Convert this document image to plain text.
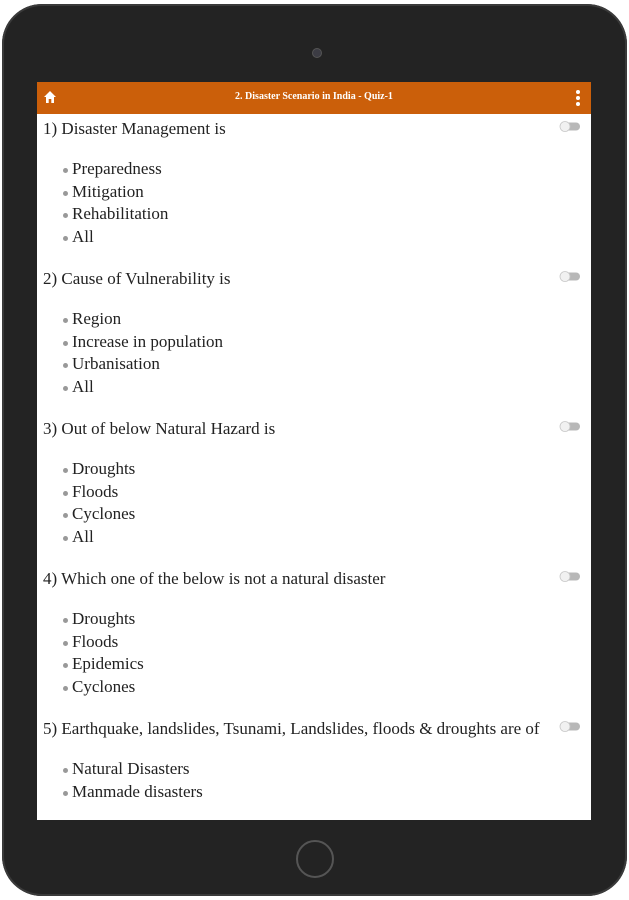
2. Disaster Scenario in India - Quiz-1

1) Disaster Management is

Preparedness
Mitigation
Rehabilitation
All

2) Cause of Vulnerability is

Region
Increase in population
Urbanisation
All

3) Out of below Natural Hazard is

Droughts
Floods
Cyclones
All

4) Which one of the below is not a natural disaster

Droughts
Floods
Epidemics
Cyclones

5) Earthquake, landslides, Tsunami, Landslides, floods & droughts are of

Natural Disasters
Manmade disasters
